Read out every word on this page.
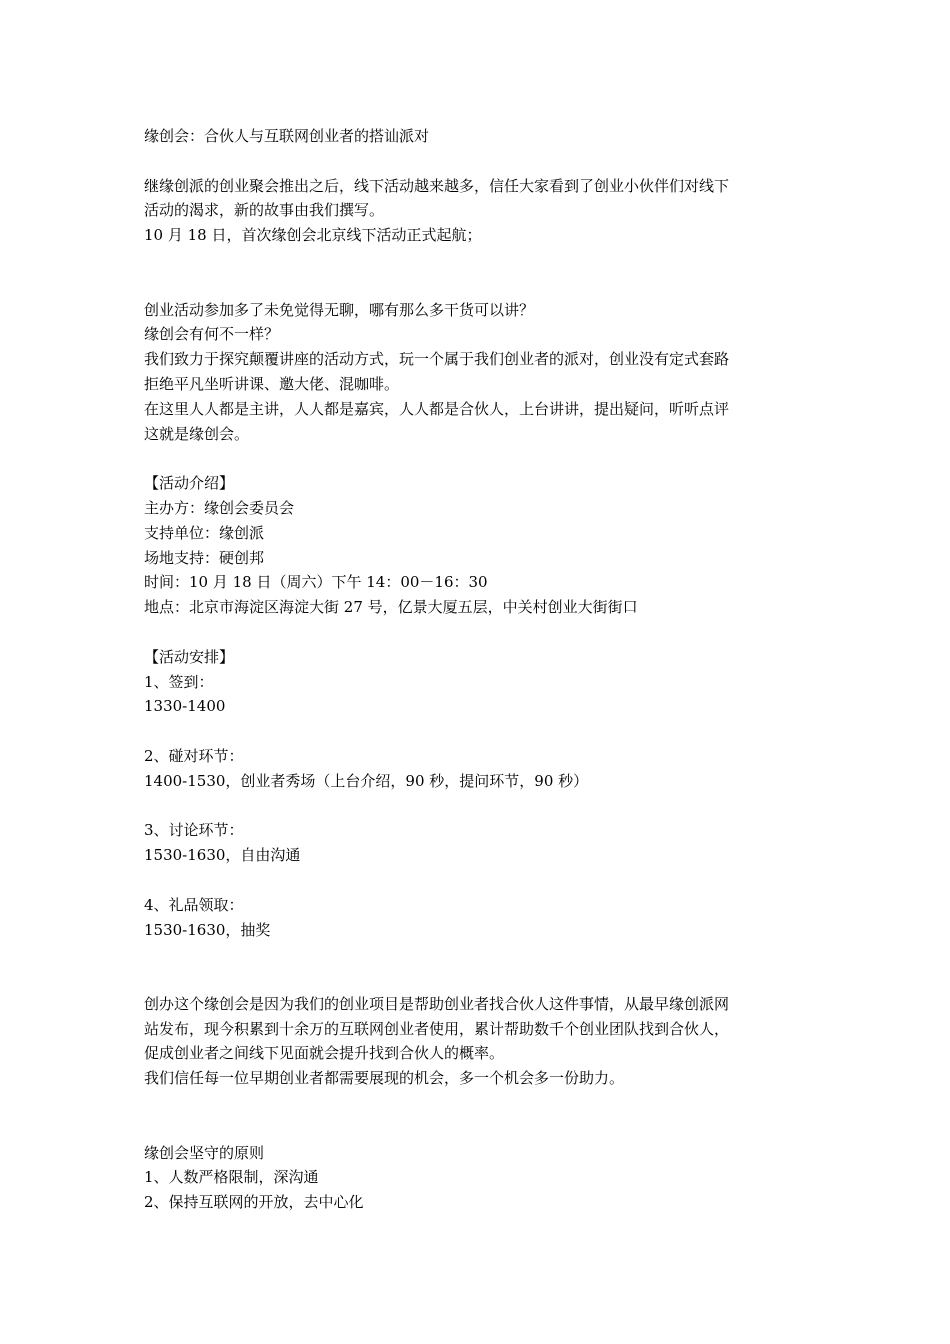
缘创会：合伙人与互联网创业者的搭讪派对
继缘创派的创业聚会推出之后，线下活动越来越多，信任大家看到了创业小伙伴们对线下
活动的渴求，新的故事由我们撰写。
10 月 18 日，首次缘创会北京线下活动正式起航；
创业活动参加多了未免觉得无聊，哪有那么多干货可以讲？
缘创会有何不一样？
我们致力于探究颠覆讲座的活动方式，玩一个属于我们创业者的派对，创业没有定式套路
拒绝平凡坐听讲课、邀大佬、混咖啡。
在这里人人都是主讲，人人都是嘉宾，人人都是合伙人，上台讲讲，提出疑问，听听点评
这就是缘创会。
【活动介绍】
主办方：缘创会委员会
支持单位：缘创派
场地支持：硬创邦
时间：10 月 18 日（周六）下午 14：00－16：30
地点：北京市海淀区海淀大街 27 号，亿景大厦五层，中关村创业大街街口
【活动安排】
1、签到：
1330-1400
2、碰对环节：
1400-1530，创业者秀场（上台介绍，90 秒，提问环节，90 秒）
3、讨论环节：
1530-1630，自由沟通
4、礼品领取：
1530-1630，抽奖
创办这个缘创会是因为我们的创业项目是帮助创业者找合伙人这件事情，从最早缘创派网
站发布，现今积累到十余万的互联网创业者使用，累计帮助数千个创业团队找到合伙人，
促成创业者之间线下见面就会提升找到合伙人的概率。
我们信任每一位早期创业者都需要展现的机会，多一个机会多一份助力。
缘创会坚守的原则
1、人数严格限制，深沟通
2、保持互联网的开放，去中心化
